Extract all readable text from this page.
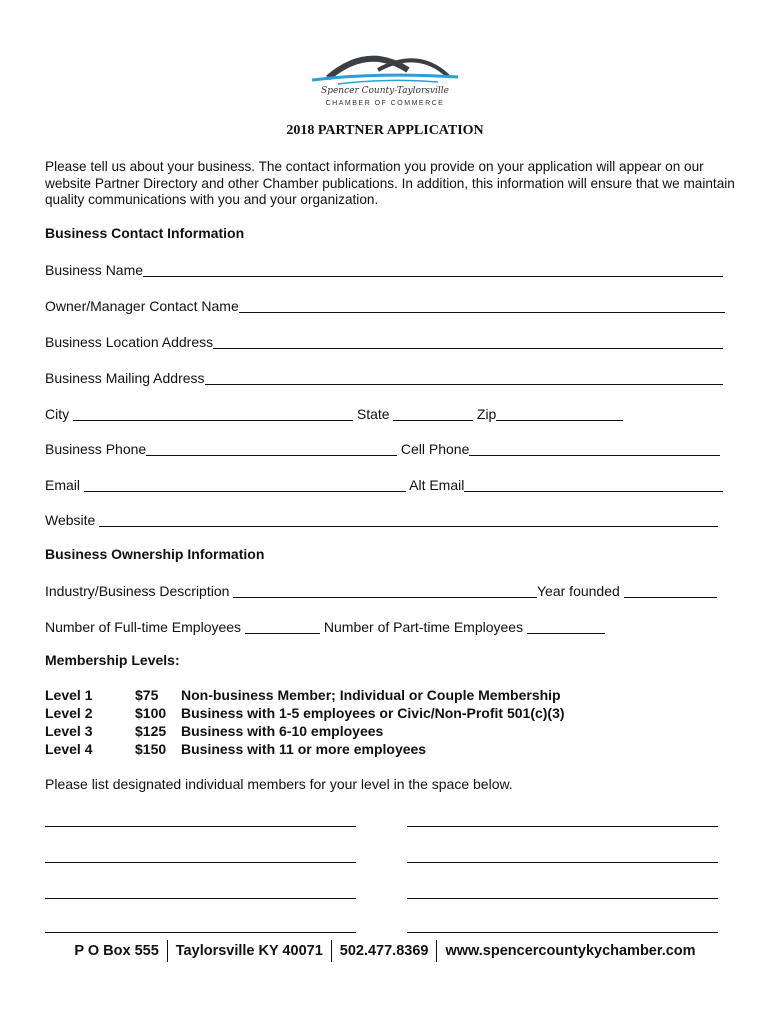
Spencer County-Taylorsville
CHAMBER OF COMMERCE
2018 PARTNER APPLICATION
Please tell us about your business. The contact information you provide on your application will appear on our website Partner Directory and other Chamber publications. In addition, this information will ensure that we maintain quality communications with you and your organization.
Business Contact Information
Business Name
Owner/Manager Contact Name
Business Location Address
Business Mailing Address
City	State	Zip
Business Phone	Cell Phone
Email	Alt Email
Website
Business Ownership Information
Industry/Business Description	Year founded
Number of Full-time Employees	Number of Part-time Employees
Membership Levels:
Level 1	$75	Non-business Member; Individual or Couple Membership
Level 2	$100	Business with 1-5 employees or Civic/Non-Profit 501(c)(3)
Level 3	$125	Business with 6-10 employees
Level 4	$150	Business with 11 or more employees
Please list designated individual members for your level in the space below.
P O Box 555	Taylorsville KY 40071	502.477.8369	www.spencercountykychamber.com
